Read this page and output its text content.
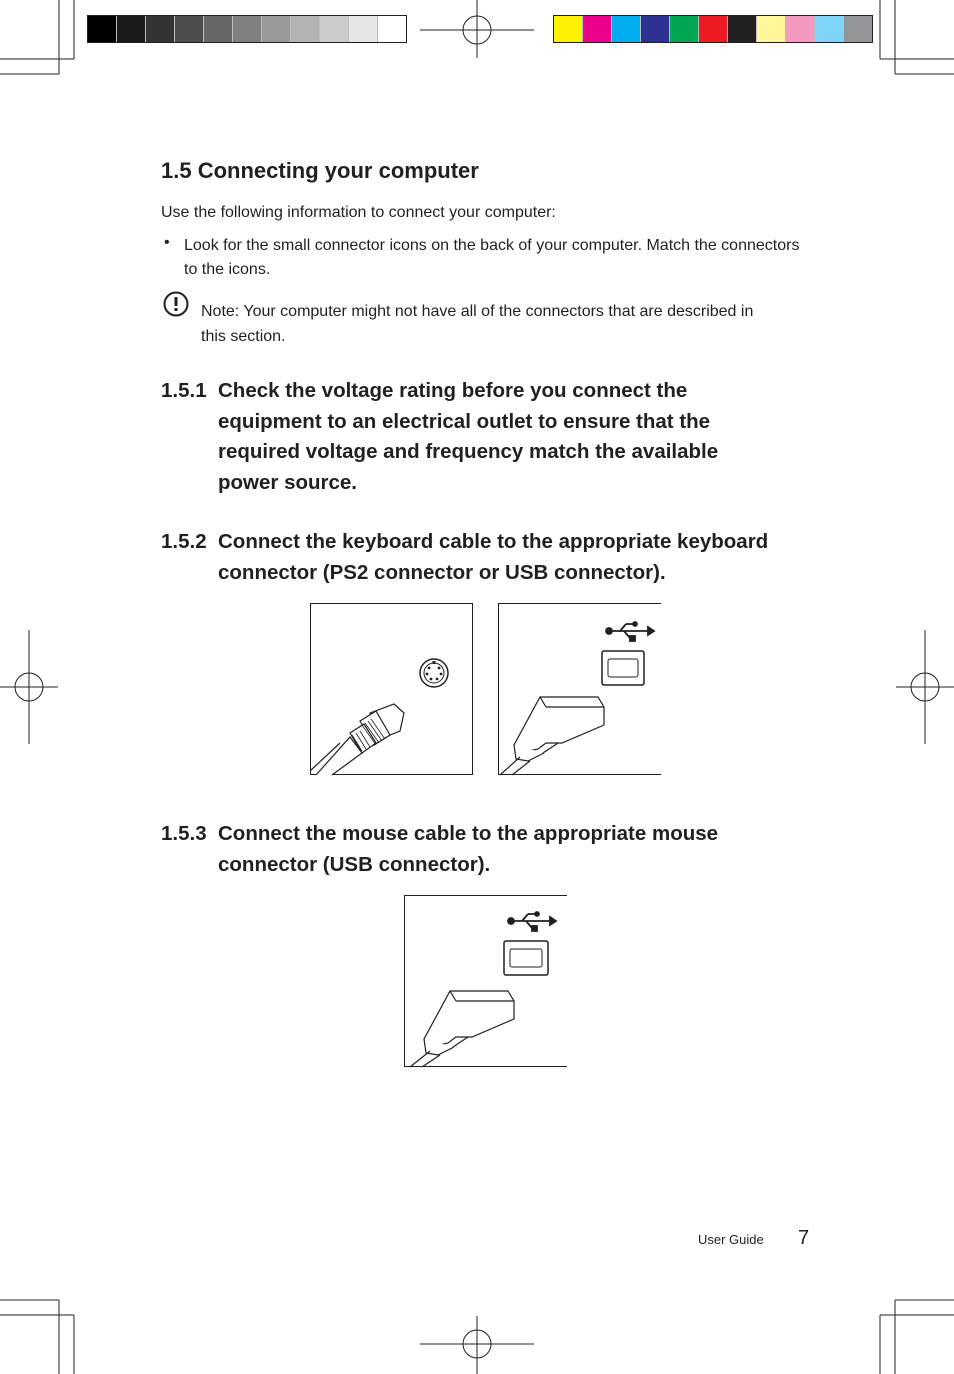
1.5 Connecting your computer
Use the following information to connect your computer:
• Look for the small connector icons on the back of your computer. Match the connectors to the icons.
Note: Your computer might not have all of the connectors that are described in this section.
1.5.1 Check the voltage rating before you connect the equipment to an electrical outlet to ensure that the required voltage and frequency match the available power source.
1.5.2 Connect the keyboard cable to the appropriate keyboard connector (PS2 connector or USB connector).
1.5.3 Connect the mouse cable to the appropriate mouse connector (USB connector).
User Guide 7
